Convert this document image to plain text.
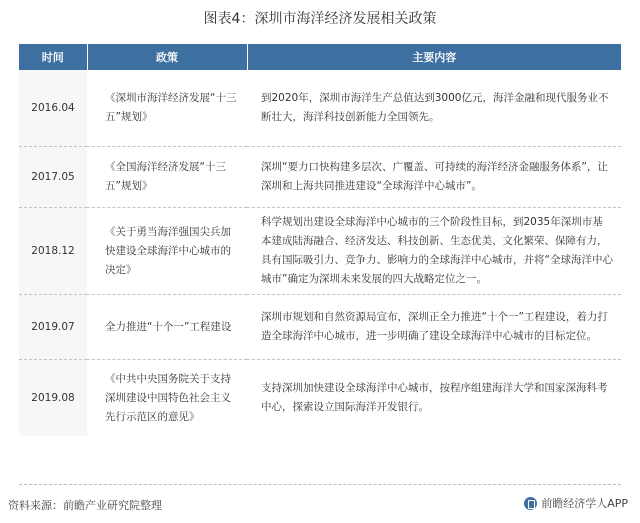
图表4：深圳市海洋经济发展相关政策
时间	政策	主要内容
2016.04	《深圳市海洋经济发展“十三五”规划》	到2020年，深圳市海洋生产总值达到3000亿元，海洋金融和现代服务业不断壮大，海洋科技创新能力全国领先。
2017.05	《全国海洋经济发展“十三五”规划》	深圳“要力口快构建多层次、广覆盖、可持续的海洋经济金融服务体系”，让深圳和上海共同推进建设“全球海洋中心城市”。
2018.12	《关于勇当海洋强国尖兵加快建设全球海洋中心城市的决定》	科学规划出建设全球海洋中心城市的三个阶段性目标，到2035年深圳市基本建成陆海融合、经济发达、科技创新、生态优美、文化繁荣、保障有力，具有国际吸引力、竞争力、影响力的全球海洋中心城市，并将“全球海洋中心城市”确定为深圳未来发展的四大战略定位之一。
2019.07	全力推进“十个一”工程建设	深圳市规划和自然资源局宣布，深圳正全力推进“十个一”工程建设，着力打造全球海洋中心城市，进一步明确了建设全球海洋中心城市的目标定位。
2019.08	《中共中央国务院关于支持深圳建设中国特色社会主义先行示范区的意见》	支持深圳加快建设全球海洋中心城市，按程序组建海洋大学和国家深海科考中心，探索设立国际海洋开发银行。
资料来源：前瞻产业研究院整理	前瞻经济学人APP
